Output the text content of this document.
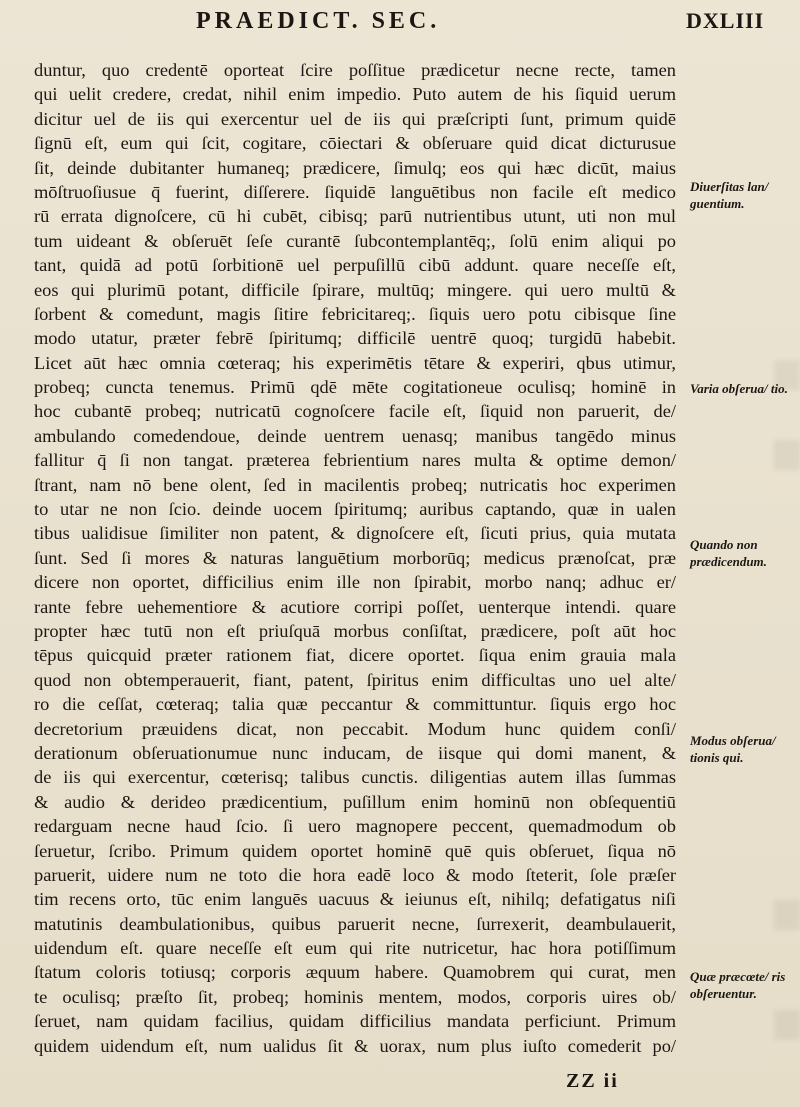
PRAEDICT. SEC.	DXLIII
duntur, quo credentē oporteat ſcire poſſitue prædicetur necne recte, tamen
qui uelit credere, credat, nihil enim impedio. Puto autem de his ſiquid uerum
dicitur uel de iis qui exercentur uel de iis qui præſcripti ſunt, primum quidē
ſignū eſt, eum qui ſcit, cogitare, cōiectari & obſeruare quid dicat dicturusue
ſit, deinde dubitanter humaneq; prædicere, ſimulq; eos qui hæc dicūt, maius
mōſtruoſiusue q̄ fuerint, diſſerere. ſiquidē languētibus non facile eſt medico
rū errata dignoſcere, cū hi cubēt, cibisq; parū nutrientibus utunt, uti non mul
tum uideant & obſeruēt ſeſe curantē ſubcontemplantēq;, ſolū enim aliqui po
tant, quidā ad potū ſorbitionē uel perpuſillū cibū addunt. quare neceſſe eſt,
eos qui plurimū potant, difficile ſpirare, multūq; mingere. qui uero multū &
ſorbent & comedunt, magis ſitire febricitareq;. ſiquis uero potu cibisque ſine
modo utatur, præter febrē ſpiritumq; difficilē uentrē quoq; turgidū habebit.
Licet aūt hæc omnia cœteraq; his experimētis tētare & experiri, qbus utimur,
probeq; cuncta tenemus. Primū qdē mēte cogitationeue oculisq; hominē in
hoc cubantē probeq; nutricatū cognoſcere facile eſt, ſiquid non paruerit, de/
ambulando comedendoue, deinde uentrem uenasq; manibus tangēdo minus
fallitur q̄ ſi non tangat. præterea febrientium nares multa & optime demon/
ſtrant, nam nō bene olent, ſed in macilentis probeq; nutricatis hoc experimen
to utar ne non ſcio. deinde uocem ſpiritumq; auribus captando, quæ in ualen
tibus ualidisue ſimiliter non patent, & dignoſcere eſt, ſicuti prius, quia mutata
ſunt. Sed ſi mores & naturas languētium morborūq; medicus prænoſcat, præ
dicere non oportet, difficilius enim ille non ſpirabit, morbo nanq; adhuc er/
rante febre uehementiore & acutiore corripi poſſet, uenterque intendi. quare
propter hæc tutū non eſt priuſquā morbus conſiſtat, prædicere, poſt aūt hoc
tēpus quicquid præter rationem fiat, dicere oportet. ſiqua enim grauia mala
quod non obtemperauerit, fiant, patent, ſpiritus enim difficultas uno uel alte/
ro die ceſſat, cœteraq; talia quæ peccantur & committuntur. ſiquis ergo hoc
decretorium præuidens dicat, non peccabit. Modum hunc quidem conſi/
derationum obſeruationumue nunc inducam, de iisque qui domi manent, &
de iis qui exercentur, cœterisq; talibus cunctis. diligentias autem illas ſummas
& audio & derideo prædicentium, puſillum enim hominū non obſequentiū
redarguam necne haud ſcio. ſi uero magnopere peccent, quemadmodum ob
ſeruetur, ſcribo. Primum quidem oportet hominē quē quis obſeruet, ſiqua nō
paruerit, uidere num ne toto die hora eadē loco & modo ſteterit, ſole præſer
tim recens orto, tūc enim languēs uacuus & ieiunus eſt, nihilq; defatigatus niſi
matutinis deambulationibus, quibus paruerit necne, ſurrexerit, deambulauerit,
uidendum eſt. quare neceſſe eſt eum qui rite nutricetur, hac hora potiſſimum
ſtatum coloris totiusq; corporis æquum habere. Quamobrem qui curat, men
te oculisq; præſto ſit, probeq; hominis mentem, modos, corporis uires ob/
ſeruet, nam quidam facilius, quidam difficilius mandata perficiunt. Primum
quidem uidendum eſt, num ualidus ſit & uorax, num plus iuſto comederit po/
Diuerſitas lan/ guentium.
Varia obſerua/ tio.
Quando non prædicendum.
Modus obſerua/ tionis qui.
Quæ præcœte/ ris obſeruentur.
ZZ ii
